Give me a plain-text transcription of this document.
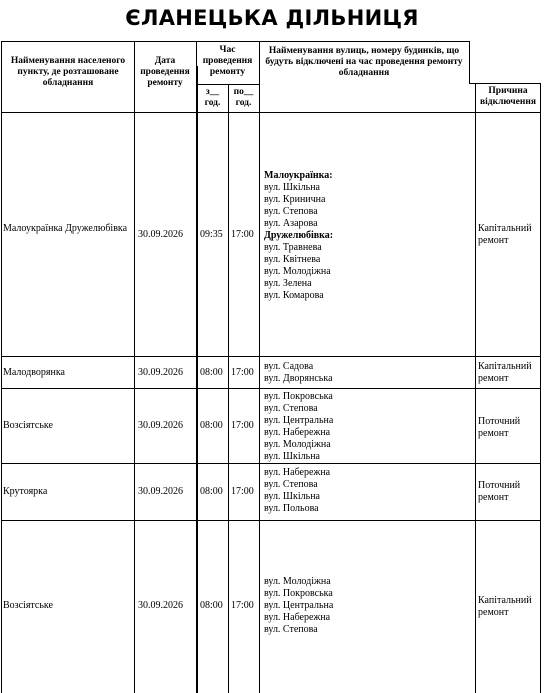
ЄЛАНЕЦЬКА ДІЛЬНИЦЯ
Найменування населеного пункту, де розташоване обладнання
Дата проведення ремонту
Час проведення ремонту
з__ год.
по__ год.
Найменування вулиць, номеру будинків, що будуть відключені на час проведення ремонту обладнання
Причина відключення
Малоукраїнка Дружелюбівка
30.09.2026	09:35 17:00
Малоукраїнка:
вул. Шкільна
вул. Кринична
вул. Степова
вул. Азарова
Дружелюбівка:
вул. Травнева
вул. Квітнева
вул. Молодіжна
вул. Зелена
вул. Комарова
Капітальний ремонт
Малодворянка	30.09.2026	08:00 17:00
вул. Садова
вул. Дворянська
Капітальний ремонт
Возсіятське	30.09.2026	08:00 17:00
вул. Покровська
вул. Степова
вул. Центральна
вул. Набережна
вул. Молодіжна
вул. Шкільна
Поточний ремонт
Крутоярка	30.09.2026	08:00 17:00
вул. Набережна
вул. Степова
вул. Шкільна
вул. Польова
Поточний ремонт
Возсіятське	30.09.2026	08:00 17:00
вул. Молодіжна
вул. Покровська
вул. Центральна
вул. Набережна
вул. Степова
Капітальний ремонт
